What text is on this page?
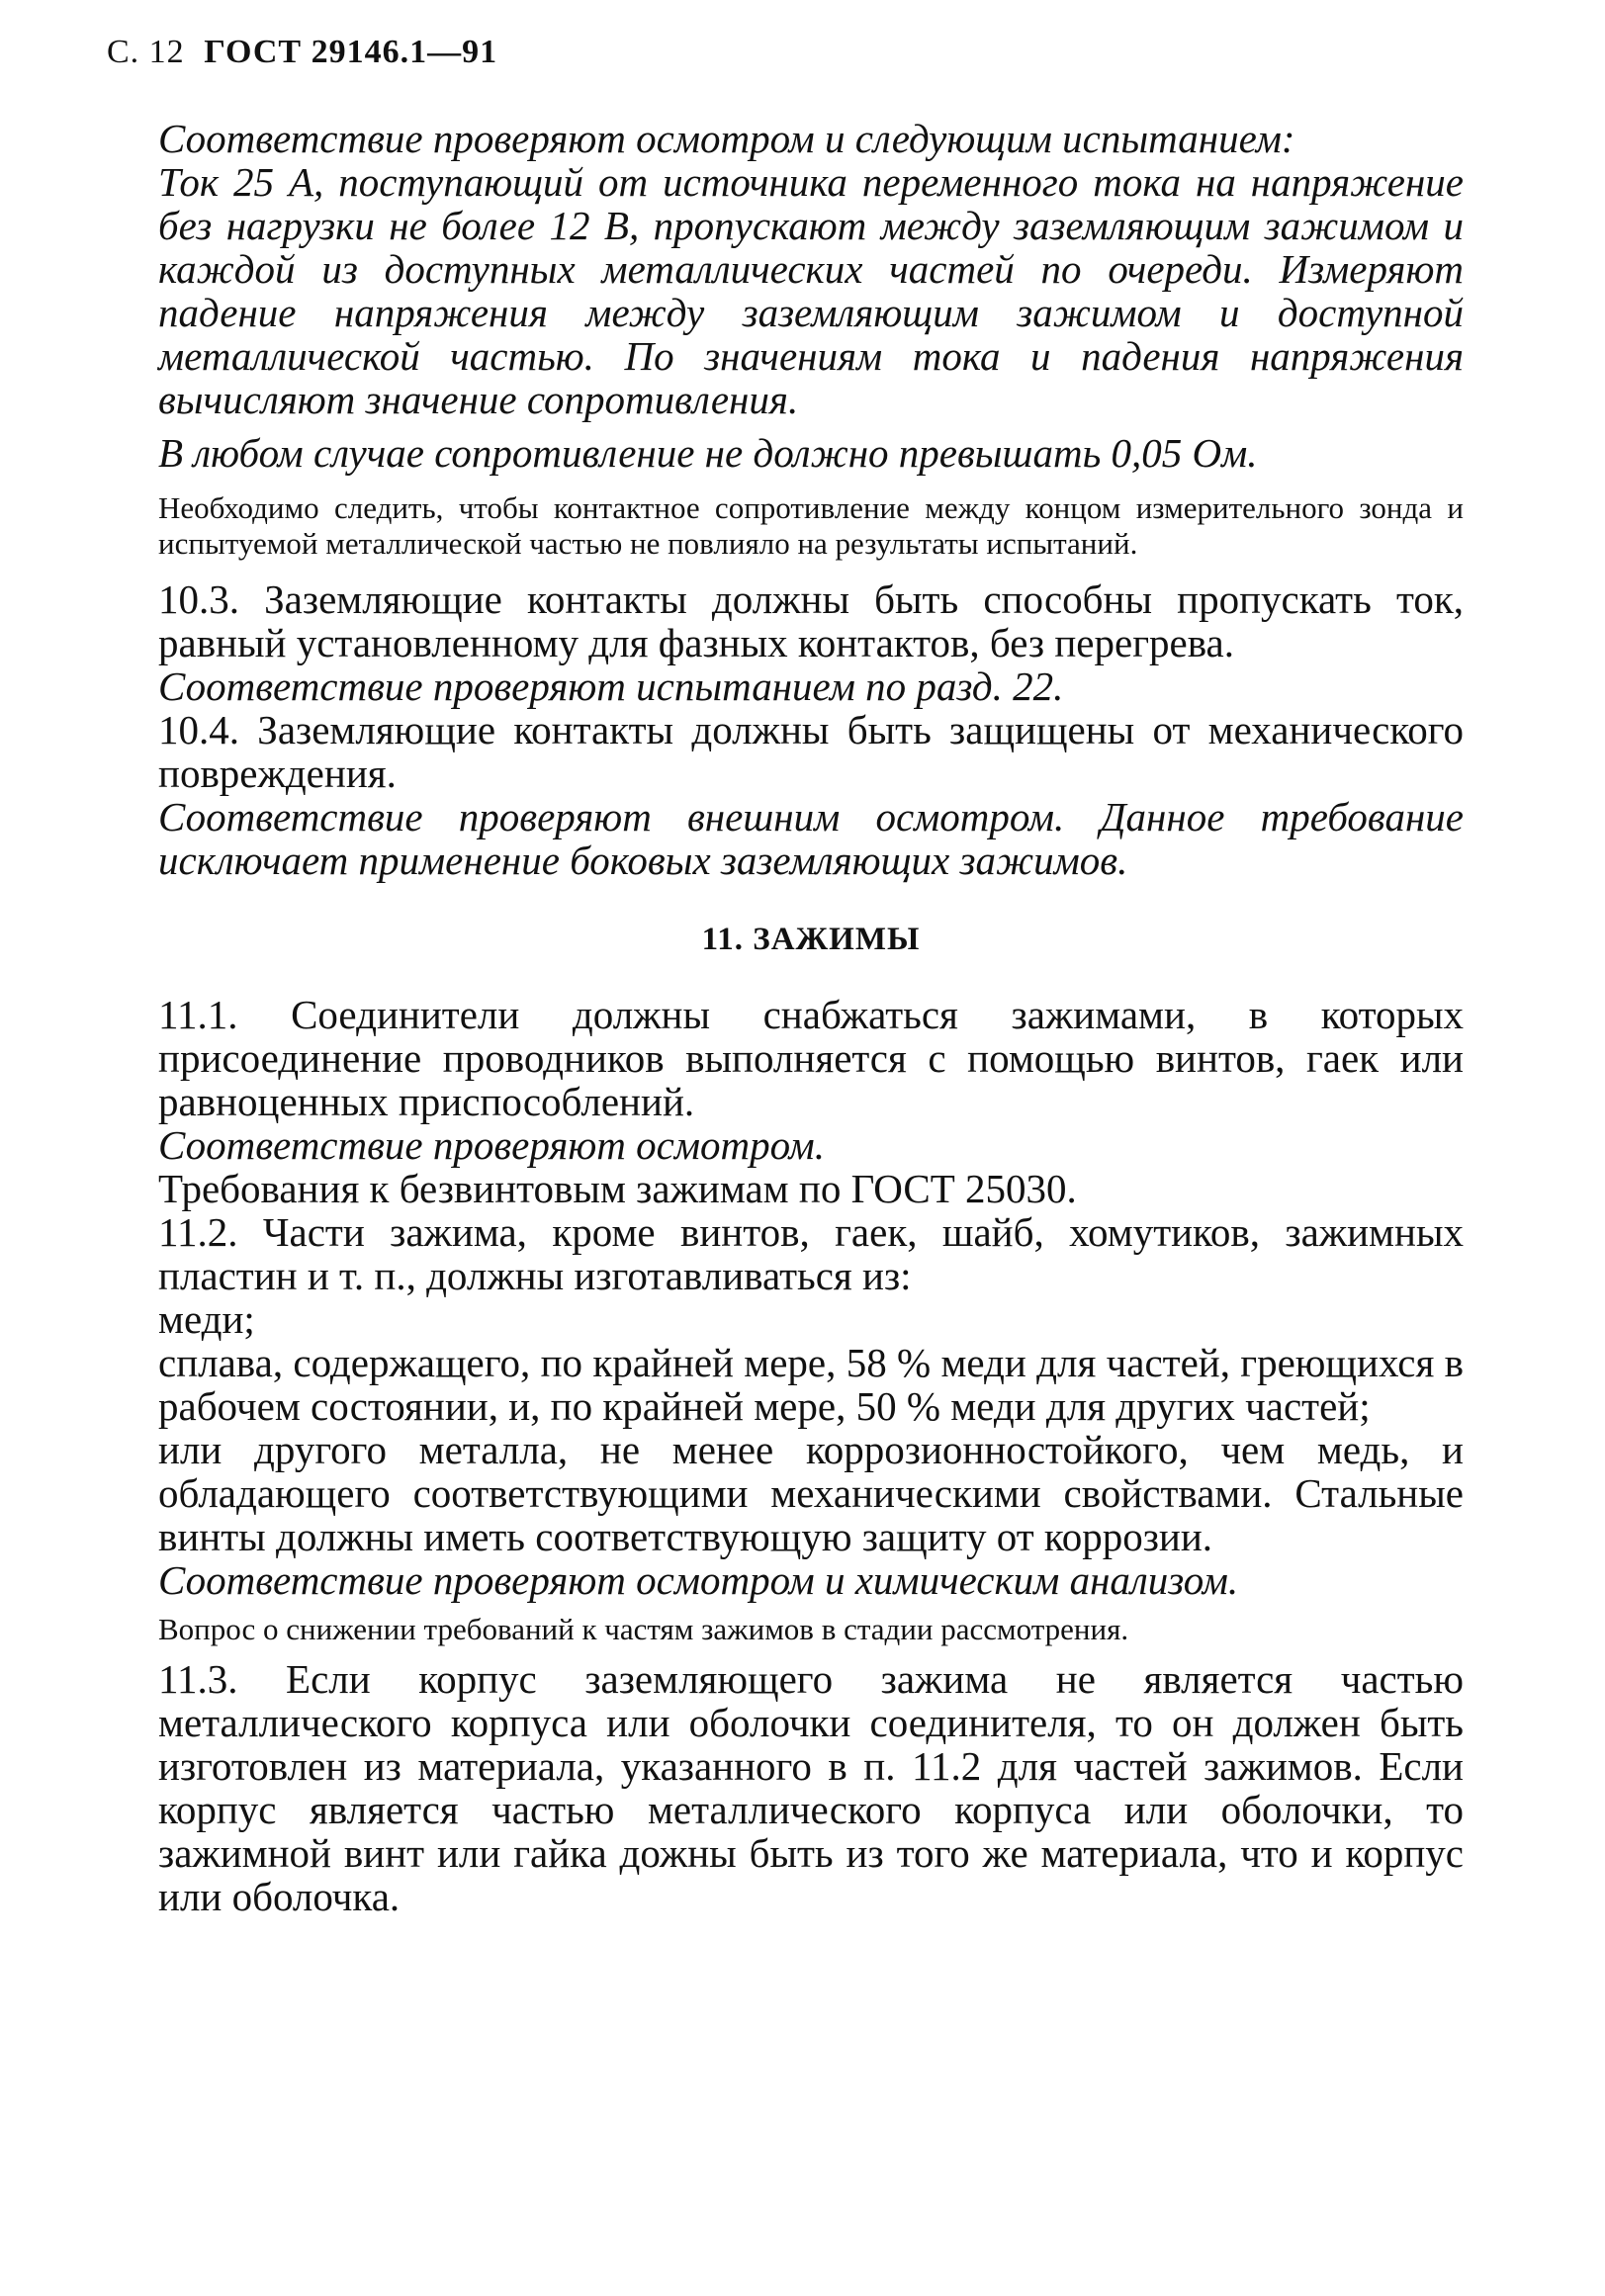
С. 12 ГОСТ 29146.1—91

Соответствие проверяют осмотром и следующим испытанием:

Ток 25 А, поступающий от источника переменного тока на напряжение без нагрузки не более 12 В, пропускают между заземляющим зажимом и каждой из доступных металлических частей по очереди. Измеряют падение напряжения между заземляющим зажимом и доступной металлической частью. По значениям тока и падения напряжения вычисляют значение сопротивления.

В любом случае сопротивление не должно превышать 0,05 Ом.

Необходимо следить, чтобы контактное сопротивление между концом измерительного зонда и испытуемой металлической частью не повлияло на результаты испытаний.

10.3. Заземляющие контакты должны быть способны пропускать ток, равный установленному для фазных контактов, без перегрева.

Соответствие проверяют испытанием по разд. 22.

10.4. Заземляющие контакты должны быть защищены от механического повреждения.

Соответствие проверяют внешним осмотром. Данное требование исключает применение боковых заземляющих зажимов.

11. ЗАЖИМЫ

11.1. Соединители должны снабжаться зажимами, в которых присоединение проводников выполняется с помощью винтов, гаек или равноценных приспособлений.

Соответствие проверяют осмотром.

Требования к безвинтовым зажимам по ГОСТ 25030.

11.2. Части зажима, кроме винтов, гаек, шайб, хомутиков, зажимных пластин и т. п., должны изготавливаться из:

меди;

сплава, содержащего, по крайней мере, 58 % меди для частей, греющихся в рабочем состоянии, и, по крайней мере, 50 % меди для других частей;

или другого металла, не менее коррозионностойкого, чем медь, и обладающего соответствующими механическими свойствами. Стальные винты должны иметь соответствующую защиту от коррозии.

Соответствие проверяют осмотром и химическим анализом.

Вопрос о снижении требований к частям зажимов в стадии рассмотрения.

11.3. Если корпус заземляющего зажима не является частью металлического корпуса или оболочки соединителя, то он должен быть изготовлен из материала, указанного в п. 11.2 для частей зажимов. Если корпус является частью металлического корпуса или оболочки, то зажимной винт или гайка дожны быть из того же материала, что и корпус или оболочка.
